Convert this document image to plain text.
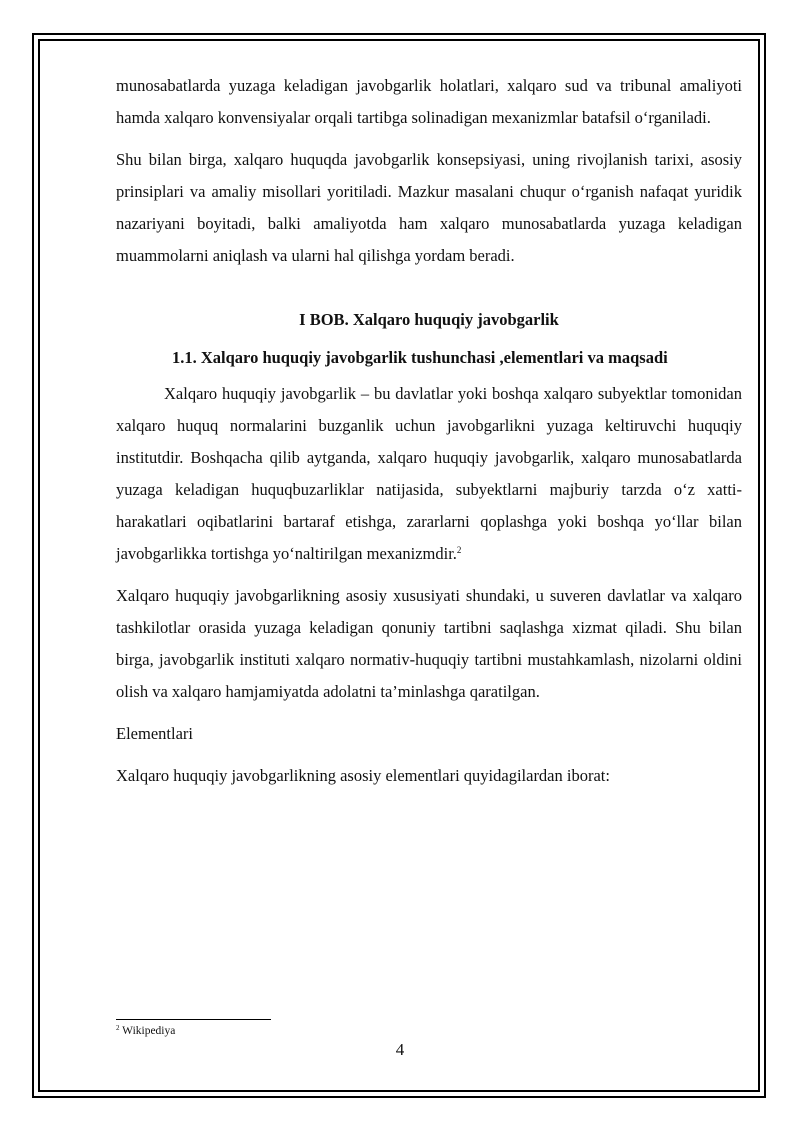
munosabatlarda yuzaga keladigan javobgarlik holatlari, xalqaro sud va tribunal amaliyoti hamda xalqaro konvensiyalar orqali tartibga solinadigan mexanizmlar batafsil o‘rganiladi.

Shu bilan birga, xalqaro huquqda javobgarlik konsepsiyasi, uning rivojlanish tarixi, asosiy prinsiplari va amaliy misollari yoritiladi. Mazkur masalani chuqur o‘rganish nafaqat yuridik nazariyani boyitadi, balki amaliyotda ham xalqaro munosabatlarda yuzaga keladigan muammolarni aniqlash va ularni hal qilishga yordam beradi.

I BOB. Xalqaro huquqiy javobgarlik
1.1. Xalqaro huquqiy javobgarlik tushunchasi ,elementlari va maqsadi

Xalqaro huquqiy javobgarlik – bu davlatlar yoki boshqa xalqaro subyektlar tomonidan xalqaro huquq normalarini buzganlik uchun javobgarlikni yuzaga keltiruvchi huquqiy institutdir. Boshqacha qilib aytganda, xalqaro huquqiy javobgarlik, xalqaro munosabatlarda yuzaga keladigan huquqbuzarliklar natijasida, subyektlarni majburiy tarzda o‘z xatti-harakatlari oqibatlarini bartaraf etishga, zararlarni qoplashga yoki boshqa yo‘llar bilan javobgarlikka tortishga yo‘naltirilgan mexanizmdir.$^2$

Xalqaro huquqiy javobgarlikning asosiy xususiyati shundaki, u suveren davlatlar va xalqaro tashkilotlar orasida yuzaga keladigan qonuniy tartibni saqlashga xizmat qiladi. Shu bilan birga, javobgarlik instituti xalqaro normativ-huquqiy tartibni mustahkamlash, nizolarni oldini olish va xalqaro hamjamiyatda adolatni ta’minlashga qaratilgan.

Elementlari

Xalqaro huquqiy javobgarlikning asosiy elementlari quyidagilardan iborat:

$^2$ Wikipediya
4
